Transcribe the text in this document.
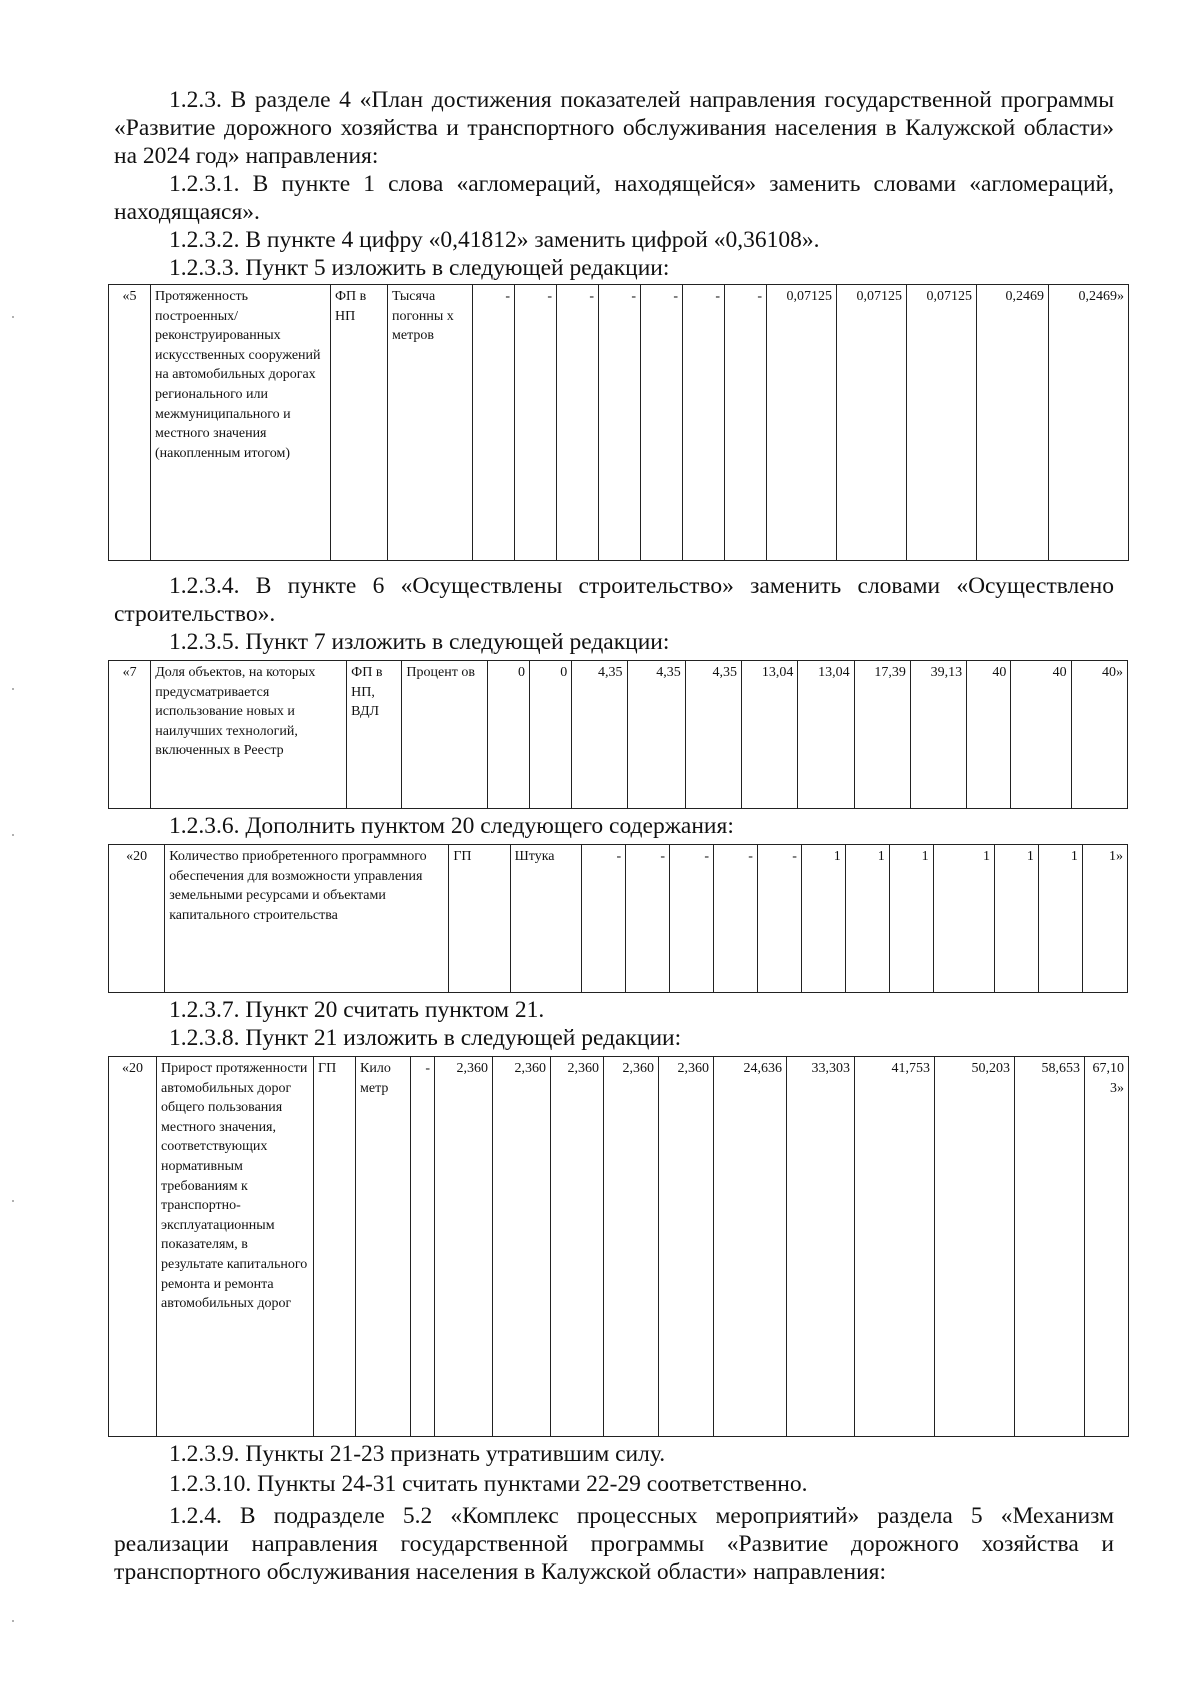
1.2.3. В разделе 4 «План достижения показателей направления государственной программы «Развитие дорожного хозяйства и транспортного обслуживания населения в Калужской области» на 2024 год» направления:

1.2.3.1. В пункте 1 слова «агломераций, находящейся» заменить словами «агломераций, находящаяся».

1.2.3.2. В пункте 4 цифру «0,41812» заменить цифрой «0,36108».

1.2.3.3. Пункт 5 изложить в следующей редакции:

«5	Протяженность построенных/ реконструированных искусственных сооружений на автомобильных дорогах регионального или межмуниципального и местного значения (накопленным итогом)	ФП в НП	Тысяча погонны х метров	-	-	-	-	-	-	-	0,07125	0,07125	0,07125	0,2469	0,2469»

1.2.3.4. В пункте 6 «Осуществлены строительство» заменить словами «Осуществлено строительство».

1.2.3.5. Пункт 7 изложить в следующей редакции:

«7	Доля объектов, на которых предусматривается использование новых и наилучших технологий, включенных в Реестр	ФП в НП, ВДЛ	Процент ов	0	0	4,35	4,35	4,35	13,04	13,04	17,39	39,13	40	40	40»

1.2.3.6. Дополнить пунктом 20 следующего содержания:

«20	Количество приобретенного программного обеспечения для возможности управления земельными ресурсами и объектами капитального строительства	ГП	Штука	-	-	-	-	-	1	1	1	1	1	1	1»

1.2.3.7. Пункт 20 считать пунктом 21.

1.2.3.8. Пункт 21 изложить в следующей редакции:

«20	Прирост протяженности автомобильных дорог общего пользования местного значения, соответствующих нормативным требованиям к транспортно-эксплуатационным показателям, в результате капитального ремонта и ремонта автомобильных дорог	ГП	Кило метр	-	2,360	2,360	2,360	2,360	2,360	24,636	33,303	41,753	50,203	58,653	67,103»

1.2.3.9. Пункты 21-23 признать утратившим силу.

1.2.3.10. Пункты 24-31 считать пунктами 22-29 соответственно.

1.2.4. В подразделе 5.2 «Комплекс процессных мероприятий» раздела 5 «Механизм реализации направления государственной программы «Развитие дорожного хозяйства и транспортного обслуживания населения в Калужской области» направления:
